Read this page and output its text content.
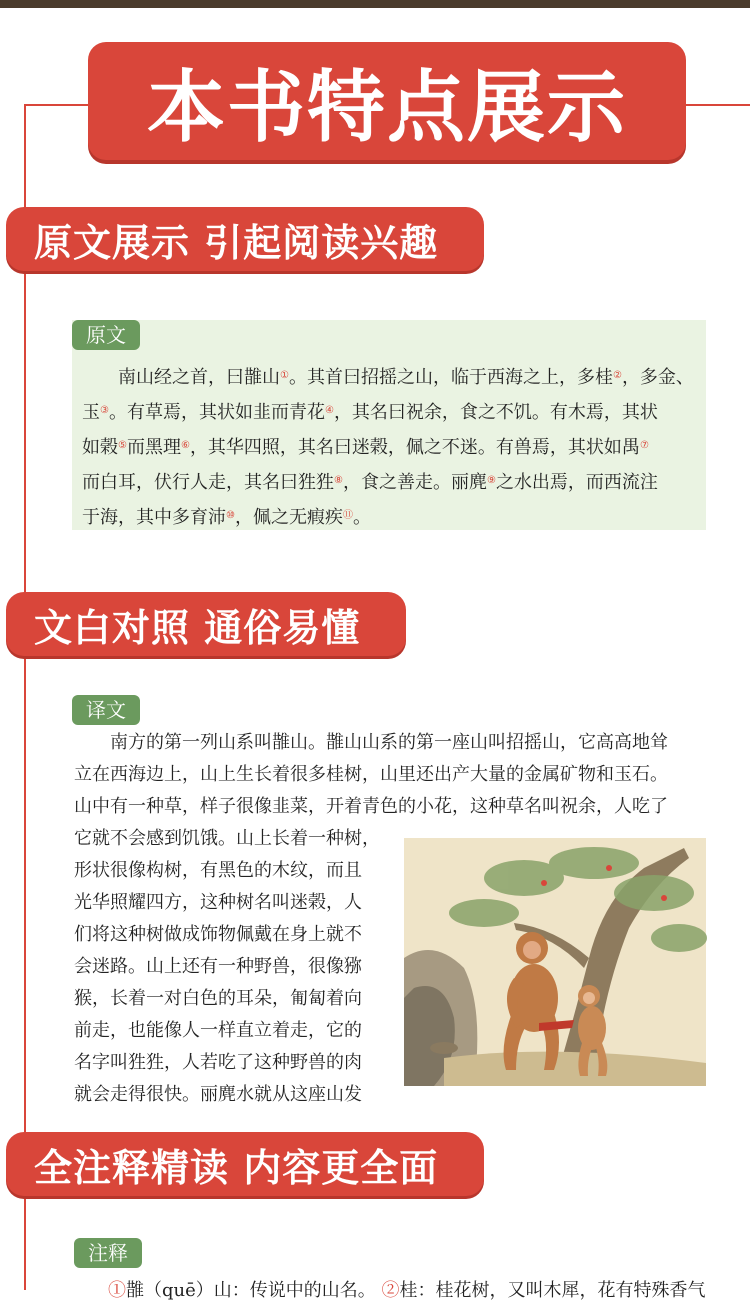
本书特点展示
原文展示 引起阅读兴趣
原文
南山经之首，曰䧿山①。其首曰招摇之山，临于西海之上，多桂②，多金、
玉③。有草焉，其状如韭而青花④，其名曰祝余，食之不饥。有木焉，其状
如榖⑤而黑理⑥，其华四照，其名曰迷榖，佩之不迷。有兽焉，其状如禺⑦
而白耳，伏行人走，其名曰狌狌⑧，食之善走。丽麂⑨之水出焉，而西流注
于海，其中多育沛⑩，佩之无瘕疾⑪。
文白对照 通俗易懂
译文
南方的第一列山系叫䧿山。䧿山山系的第一座山叫招摇山，它高高地耸
立在西海边上，山上生长着很多桂树，山里还出产大量的金属矿物和玉石。
山中有一种草，样子很像韭菜，开着青色的小花，这种草名叫祝余，人吃了
它就不会感到饥饿。山上长着一种树，
形状很像构树，有黑色的木纹，而且
光华照耀四方，这种树名叫迷榖，人
们将这种树做成饰物佩戴在身上就不
会迷路。山上还有一种野兽，很像猕
猴，长着一对白色的耳朵，匍匐着向
前走，也能像人一样直立着走，它的
名字叫狌狌，人若吃了这种野兽的肉
就会走得很快。丽麂水就从这座山发
全注释精读 内容更全面
注释
①䧿（quē）山：传说中的山名。 ②桂：桂花树，又叫木犀，花有特殊香气
